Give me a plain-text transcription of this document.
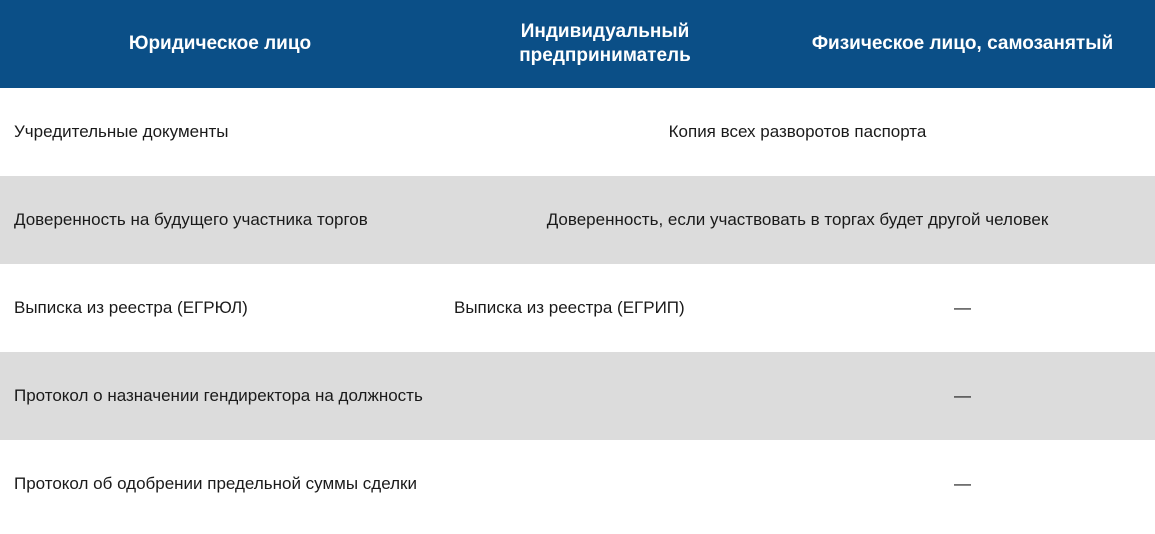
Юридическое лицо	Индивидуальный предприниматель	Физическое лицо, самозанятый
Учредительные документы	Копия всех разворотов паспорта	
Доверенность на будущего участника торгов	Доверенность, если участвовать в торгах будет другой человек	
Выписка из реестра (ЕГРЮЛ)	Выписка из реестра (ЕГРИП)	—
Протокол о назначении гендиректора на должность		—
Протокол об одобрении предельной суммы сделки		—
